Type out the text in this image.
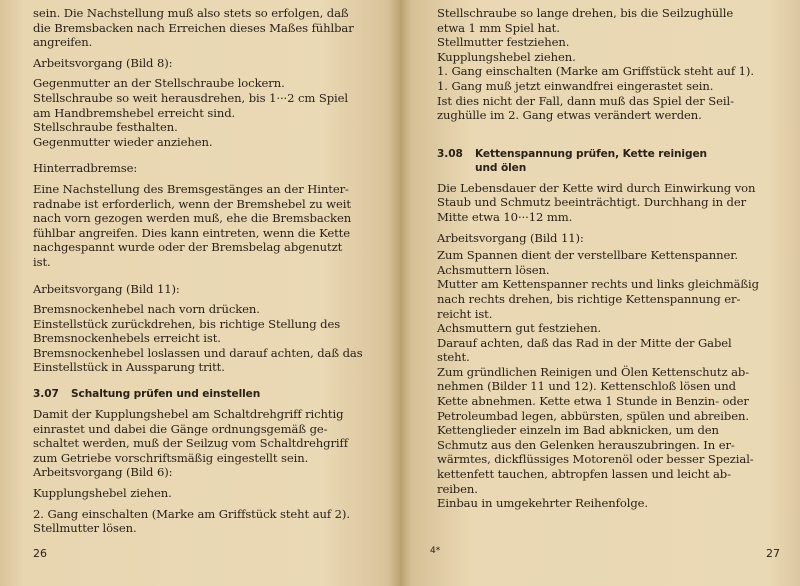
sein. Die Nachstellung muß also stets so erfolgen, daß
die Bremsbacken nach Erreichen dieses Maßes fühlbar
angreifen.
Arbeitsvorgang (Bild 8):
Gegenmutter an der Stellschraube lockern.
Stellschraube so weit herausdrehen, bis 1···2 cm Spiel
am Handbremshebel erreicht sind.
Stellschraube festhalten.
Gegenmutter wieder anziehen.
Hinterradbremse:
Eine Nachstellung des Bremsgestänges an der Hinter-
radnabe ist erforderlich, wenn der Bremshebel zu weit
nach vorn gezogen werden muß, ehe die Bremsbacken
fühlbar angreifen. Dies kann eintreten, wenn die Kette
nachgespannt wurde oder der Bremsbelag abgenutzt
ist.
Arbeitsvorgang (Bild 11):
Bremsnockenhebel nach vorn drücken.
Einstellstück zurückdrehen, bis richtige Stellung des
Bremsnockenhebels erreicht ist.
Bremsnockenhebel loslassen und darauf achten, daß das
Einstellstück in Aussparung tritt.
3.07 Schaltung prüfen und einstellen
Damit der Kupplungshebel am Schaltdrehgriff richtig
einrastet und dabei die Gänge ordnungsgemäß ge-
schaltet werden, muß der Seilzug vom Schaltdrehgriff
zum Getriebe vorschriftsmäßig eingestellt sein.
Arbeitsvorgang (Bild 6):
Kupplungshebel ziehen.
2. Gang einschalten (Marke am Griffstück steht auf 2).
Stellmutter lösen.
26
Stellschraube so lange drehen, bis die Seilzughülle
etwa 1 mm Spiel hat.
Stellmutter festziehen.
Kupplungshebel ziehen.
1. Gang einschalten (Marke am Griffstück steht auf 1).
1. Gang muß jetzt einwandfrei eingerastet sein.
Ist dies nicht der Fall, dann muß das Spiel der Seil-
zughülle im 2. Gang etwas verändert werden.
3.08 Kettenspannung prüfen, Kette reinigen
und ölen
Die Lebensdauer der Kette wird durch Einwirkung von
Staub und Schmutz beeinträchtigt. Durchhang in der
Mitte etwa 10···12 mm.
Arbeitsvorgang (Bild 11):
Zum Spannen dient der verstellbare Kettenspanner.
Achsmuttern lösen.
Mutter am Kettenspanner rechts und links gleichmäßig
nach rechts drehen, bis richtige Kettenspannung er-
reicht ist.
Achsmuttern gut festziehen.
Darauf achten, daß das Rad in der Mitte der Gabel
steht.
Zum gründlichen Reinigen und Ölen Kettenschutz ab-
nehmen (Bilder 11 und 12). Kettenschloß lösen und
Kette abnehmen. Kette etwa 1 Stunde in Benzin- oder
Petroleumbad legen, abbürsten, spülen und abreiben.
Kettenglieder einzeln im Bad abknicken, um den
Schmutz aus den Gelenken herauszubringen. In er-
wärmtes, dickflüssiges Motorenöl oder besser Spezial-
kettenfett tauchen, abtropfen lassen und leicht ab-
reiben.
Einbau in umgekehrter Reihenfolge.
4*	27
